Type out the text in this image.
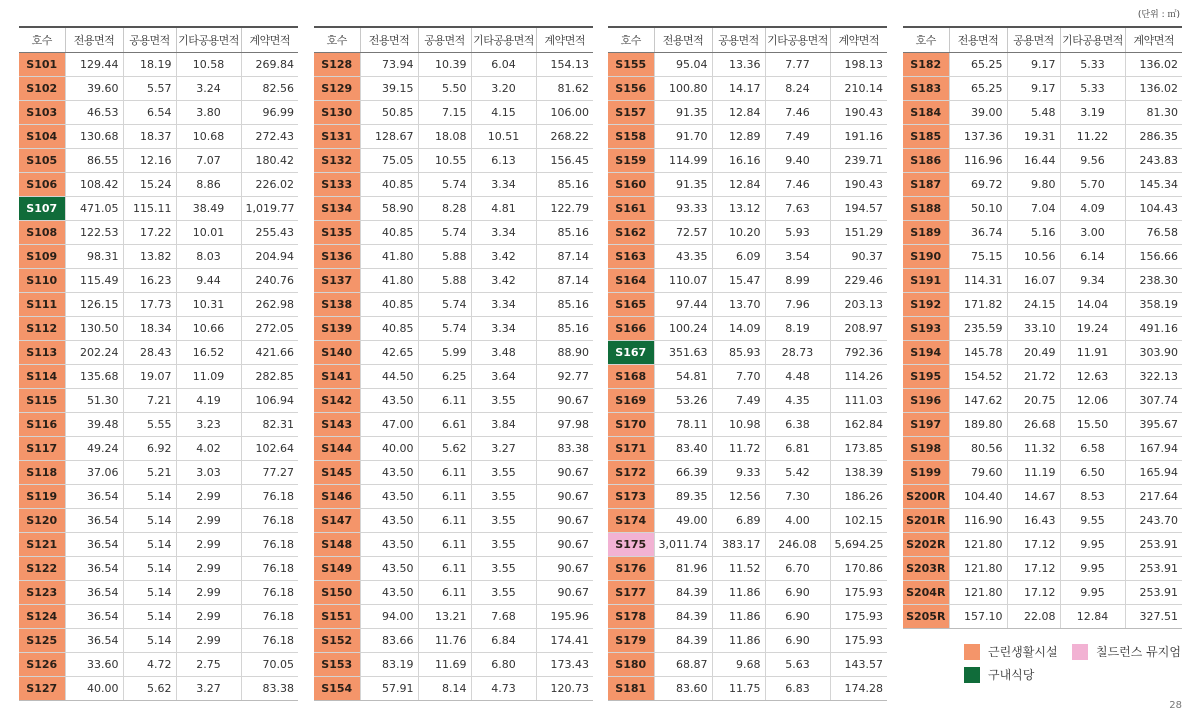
(단위 : ㎡)
호수	전용면적	공용면적	기타공용면적	계약면적
S101	129.44	18.19	10.58	269.84
S102	39.60	5.57	3.24	82.56
S103	46.53	6.54	3.80	96.99
S104	130.68	18.37	10.68	272.43
S105	86.55	12.16	7.07	180.42
S106	108.42	15.24	8.86	226.02
S107	471.05	115.11	38.49	1,019.77
S108	122.53	17.22	10.01	255.43
S109	98.31	13.82	8.03	204.94
S110	115.49	16.23	9.44	240.76
S111	126.15	17.73	10.31	262.98
S112	130.50	18.34	10.66	272.05
S113	202.24	28.43	16.52	421.66
S114	135.68	19.07	11.09	282.85
S115	51.30	7.21	4.19	106.94
S116	39.48	5.55	3.23	82.31
S117	49.24	6.92	4.02	102.64
S118	37.06	5.21	3.03	77.27
S119	36.54	5.14	2.99	76.18
S120	36.54	5.14	2.99	76.18
S121	36.54	5.14	2.99	76.18
S122	36.54	5.14	2.99	76.18
S123	36.54	5.14	2.99	76.18
S124	36.54	5.14	2.99	76.18
S125	36.54	5.14	2.99	76.18
S126	33.60	4.72	2.75	70.05
S127	40.00	5.62	3.27	83.38
호수	전용면적	공용면적	기타공용면적	계약면적
S128	73.94	10.39	6.04	154.13
S129	39.15	5.50	3.20	81.62
S130	50.85	7.15	4.15	106.00
S131	128.67	18.08	10.51	268.22
S132	75.05	10.55	6.13	156.45
S133	40.85	5.74	3.34	85.16
S134	58.90	8.28	4.81	122.79
S135	40.85	5.74	3.34	85.16
S136	41.80	5.88	3.42	87.14
S137	41.80	5.88	3.42	87.14
S138	40.85	5.74	3.34	85.16
S139	40.85	5.74	3.34	85.16
S140	42.65	5.99	3.48	88.90
S141	44.50	6.25	3.64	92.77
S142	43.50	6.11	3.55	90.67
S143	47.00	6.61	3.84	97.98
S144	40.00	5.62	3.27	83.38
S145	43.50	6.11	3.55	90.67
S146	43.50	6.11	3.55	90.67
S147	43.50	6.11	3.55	90.67
S148	43.50	6.11	3.55	90.67
S149	43.50	6.11	3.55	90.67
S150	43.50	6.11	3.55	90.67
S151	94.00	13.21	7.68	195.96
S152	83.66	11.76	6.84	174.41
S153	83.19	11.69	6.80	173.43
S154	57.91	8.14	4.73	120.73
호수	전용면적	공용면적	기타공용면적	계약면적
S155	95.04	13.36	7.77	198.13
S156	100.80	14.17	8.24	210.14
S157	91.35	12.84	7.46	190.43
S158	91.70	12.89	7.49	191.16
S159	114.99	16.16	9.40	239.71
S160	91.35	12.84	7.46	190.43
S161	93.33	13.12	7.63	194.57
S162	72.57	10.20	5.93	151.29
S163	43.35	6.09	3.54	90.37
S164	110.07	15.47	8.99	229.46
S165	97.44	13.70	7.96	203.13
S166	100.24	14.09	8.19	208.97
S167	351.63	85.93	28.73	792.36
S168	54.81	7.70	4.48	114.26
S169	53.26	7.49	4.35	111.03
S170	78.11	10.98	6.38	162.84
S171	83.40	11.72	6.81	173.85
S172	66.39	9.33	5.42	138.39
S173	89.35	12.56	7.30	186.26
S174	49.00	6.89	4.00	102.15
S175	3,011.74	383.17	246.08	5,694.25
S176	81.96	11.52	6.70	170.86
S177	84.39	11.86	6.90	175.93
S178	84.39	11.86	6.90	175.93
S179	84.39	11.86	6.90	175.93
S180	68.87	9.68	5.63	143.57
S181	83.60	11.75	6.83	174.28
호수	전용면적	공용면적	기타공용면적	계약면적
S182	65.25	9.17	5.33	136.02
S183	65.25	9.17	5.33	136.02
S184	39.00	5.48	3.19	81.30
S185	137.36	19.31	11.22	286.35
S186	116.96	16.44	9.56	243.83
S187	69.72	9.80	5.70	145.34
S188	50.10	7.04	4.09	104.43
S189	36.74	5.16	3.00	76.58
S190	75.15	10.56	6.14	156.66
S191	114.31	16.07	9.34	238.30
S192	171.82	24.15	14.04	358.19
S193	235.59	33.10	19.24	491.16
S194	145.78	20.49	11.91	303.90
S195	154.52	21.72	12.63	322.13
S196	147.62	20.75	12.06	307.74
S197	189.80	26.68	15.50	395.67
S198	80.56	11.32	6.58	167.94
S199	79.60	11.19	6.50	165.94
S200R	104.40	14.67	8.53	217.64
S201R	116.90	16.43	9.55	243.70
S202R	121.80	17.12	9.95	253.91
S203R	121.80	17.12	9.95	253.91
S204R	121.80	17.12	9.95	253.91
S205R	157.10	22.08	12.84	327.51
근린생활시설	칠드런스 뮤지엄
구내식당
28
